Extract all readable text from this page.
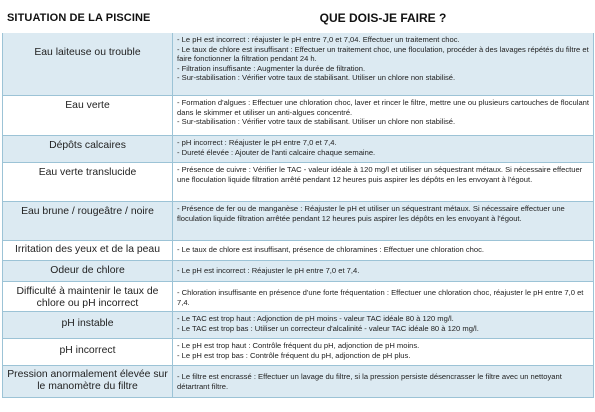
SITUATION DE LA PISCINE	QUE DOIS-JE FAIRE ?
Eau laiteuse ou trouble	- Le pH est incorrect : réajuster le pH entre 7,0 et 7,04. Effectuer un traitement choc.
- Le taux de chlore est insuffisant : Effectuer un traitement choc, une floculation, procéder à des lavages répétés du filtre et faire fonctionner la filtration pendant 24 h.
- Filtration insuffisante : Augmenter la durée de filtration.
- Sur-stabilisation : Vérifier votre taux de stabilisant. Utiliser un chlore non stabilisé.

Eau verte	- Formation d'algues : Effectuer une chloration choc, laver et rincer le filtre, mettre une ou plusieurs cartouches de floculant dans le skimmer et utiliser un anti-algues concentré.
- Sur-stabilisation : Vérifier votre taux de stabilisant. Utiliser un chlore non stabilisé.

Dépôts calcaires	- pH incorrect : Réajuster le pH entre 7,0 et 7,4.
- Dureté élevée : Ajouter de l'anti calcaire chaque semaine.

Eau verte translucide	- Présence de cuivre : Vérifier le TAC - valeur idéale à 120 mg/l et utiliser un séquestrant métaux. Si nécessaire effectuer une floculation liquide filtration arrêté pendant 12 heures puis aspirer les dépôts en les envoyant à l'égout.

Eau brune / rougeâtre / noire	- Présence de fer ou de manganèse : Réajuster le pH et utiliser un séquestrant métaux. Si nécessaire effectuer une floculation liquide filtration arrêtée pendant 12 heures puis aspirer les dépôts en les envoyant à l'égout.

Irritation des yeux et de la peau	- Le taux de chlore est insuffisant, présence de chloramines : Effectuer une chloration choc.

Odeur de chlore	- Le pH est incorrect : Réajuster le pH entre 7,0 et 7,4.

Difficulté à maintenir le taux de chlore ou pH incorrect	- Chloration insuffisante en présence d'une forte fréquentation : Effectuer une chloration choc, réajuster le pH entre 7,0 et 7,4.

pH instable	- Le TAC est trop haut : Adjonction de pH moins - valeur TAC idéale 80 à 120 mg/l.
- Le TAC est trop bas : Utiliser un correcteur d'alcalinité - valeur TAC idéale 80 à 120 mg/l.

pH incorrect	- Le pH est trop haut : Contrôle fréquent du pH, adjonction de pH moins.
- Le pH est trop bas : Contrôle fréquent du pH, adjonction de pH plus.

Pression anormalement élevée sur le manomètre du filtre	- Le filtre est encrassé : Effectuer un lavage du filtre, si la pression persiste désencrasser le filtre avec un nettoyant détartrant filtre.
